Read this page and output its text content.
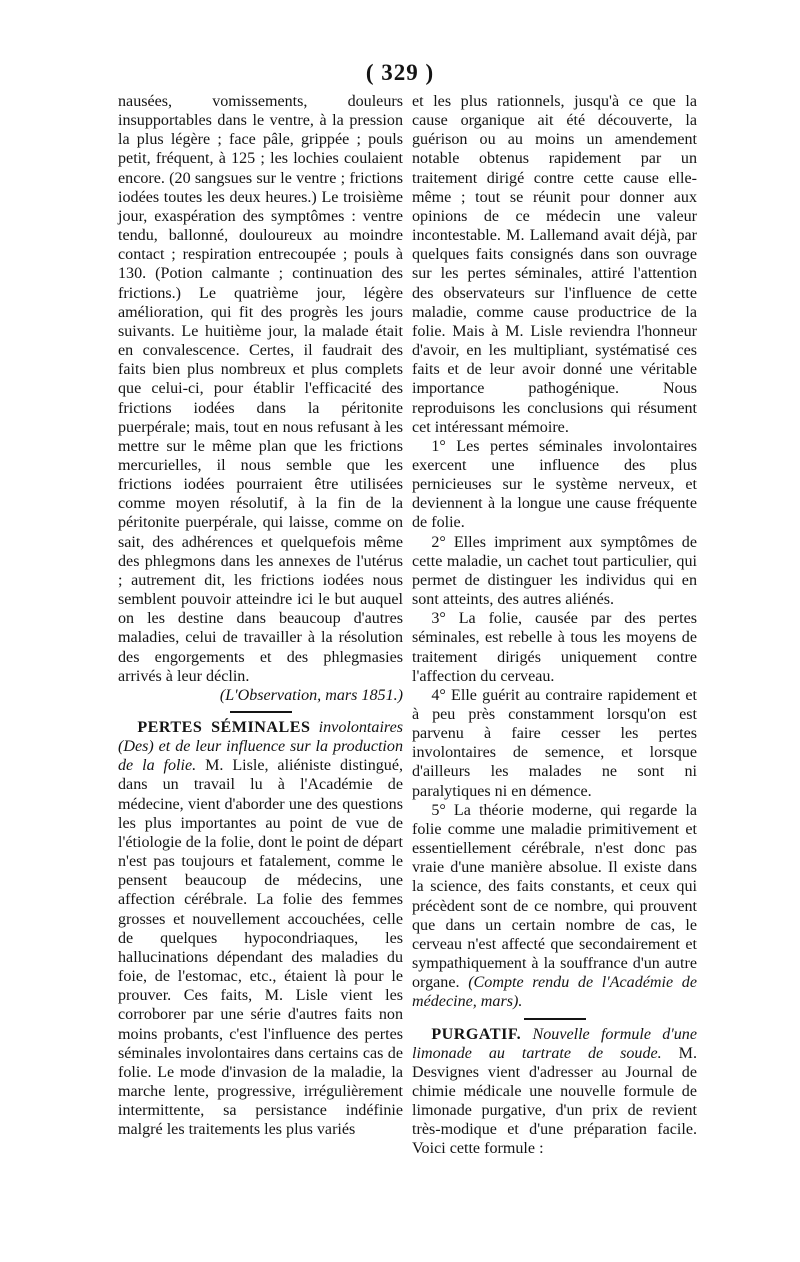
( 329 )

nausées, vomissements, douleurs insupportables dans le ventre, à la pression la plus légère ; face pâle, grippée ; pouls petit, fréquent, à 125 ; les lochies coulaient encore. (20 sangsues sur le ventre ; frictions iodées toutes les deux heures.) Le troisième jour, exaspération des symptômes : ventre tendu, ballonné, douloureux au moindre contact ; respiration entrecoupée ; pouls à 130. (Potion calmante ; continuation des frictions.) Le quatrième jour, légère amélioration, qui fit des progrès les jours suivants. Le huitième jour, la malade était en convalescence. Certes, il faudrait des faits bien plus nombreux et plus complets que celui-ci, pour établir l'efficacité des frictions iodées dans la péritonite puerpérale; mais, tout en nous refusant à les mettre sur le même plan que les frictions mercurielles, il nous semble que les frictions iodées pourraient être utilisées comme moyen résolutif, à la fin de la péritonite puerpérale, qui laisse, comme on sait, des adhérences et quelquefois même des phlegmons dans les annexes de l'utérus ; autrement dit, les frictions iodées nous semblent pouvoir atteindre ici le but auquel on les destine dans beaucoup d'autres maladies, celui de travailler à la résolution des engorgements et des phlegmasies arrivés à leur déclin.

(L'Observation, mars 1851.)

PERTES SÉMINALES involontaires (Des) et de leur influence sur la production de la folie. M. Lisle, aliéniste distingué, dans un travail lu à l'Académie de médecine, vient d'aborder une des questions les plus importantes au point de vue de l'étiologie de la folie, dont le point de départ n'est pas toujours et fatalement, comme le pensent beaucoup de médecins, une affection cérébrale. La folie des femmes grosses et nouvellement accouchées, celle de quelques hypocondriaques, les hallucinations dépendant des maladies du foie, de l'estomac, etc., étaient là pour le prouver. Ces faits, M. Lisle vient les corroborer par une série d'autres faits non moins probants, c'est l'influence des pertes séminales involontaires dans certains cas de folie. Le mode d'invasion de la maladie, la marche lente, progressive, irrégulièrement intermittente, sa persistance indéfinie malgré les traitements les plus variés

et les plus rationnels, jusqu'à ce que la cause organique ait été découverte, la guérison ou au moins un amendement notable obtenus rapidement par un traitement dirigé contre cette cause elle-même ; tout se réunit pour donner aux opinions de ce médecin une valeur incontestable. M. Lallemand avait déjà, par quelques faits consignés dans son ouvrage sur les pertes séminales, attiré l'attention des observateurs sur l'influence de cette maladie, comme cause productrice de la folie. Mais à M. Lisle reviendra l'honneur d'avoir, en les multipliant, systématisé ces faits et de leur avoir donné une véritable importance pathogénique. Nous reproduisons les conclusions qui résument cet intéressant mémoire.

1° Les pertes séminales involontaires exercent une influence des plus pernicieuses sur le système nerveux, et deviennent à la longue une cause fréquente de folie.

2° Elles impriment aux symptômes de cette maladie, un cachet tout particulier, qui permet de distinguer les individus qui en sont atteints, des autres aliénés.

3° La folie, causée par des pertes séminales, est rebelle à tous les moyens de traitement dirigés uniquement contre l'affection du cerveau.

4° Elle guérit au contraire rapidement et à peu près constamment lorsqu'on est parvenu à faire cesser les pertes involontaires de semence, et lorsque d'ailleurs les malades ne sont ni paralytiques ni en démence.

5° La théorie moderne, qui regarde la folie comme une maladie primitivement et essentiellement cérébrale, n'est donc pas vraie d'une manière absolue. Il existe dans la science, des faits constants, et ceux qui précèdent sont de ce nombre, qui prouvent que dans un certain nombre de cas, le cerveau n'est affecté que secondairement et sympathiquement à la souffrance d'un autre organe. (Compte rendu de l'Académie de médecine, mars).

PURGATIF. Nouvelle formule d'une limonade au tartrate de soude. M. Desvignes vient d'adresser au Journal de chimie médicale une nouvelle formule de limonade purgative, d'un prix de revient très-modique et d'une préparation facile. Voici cette formule :
